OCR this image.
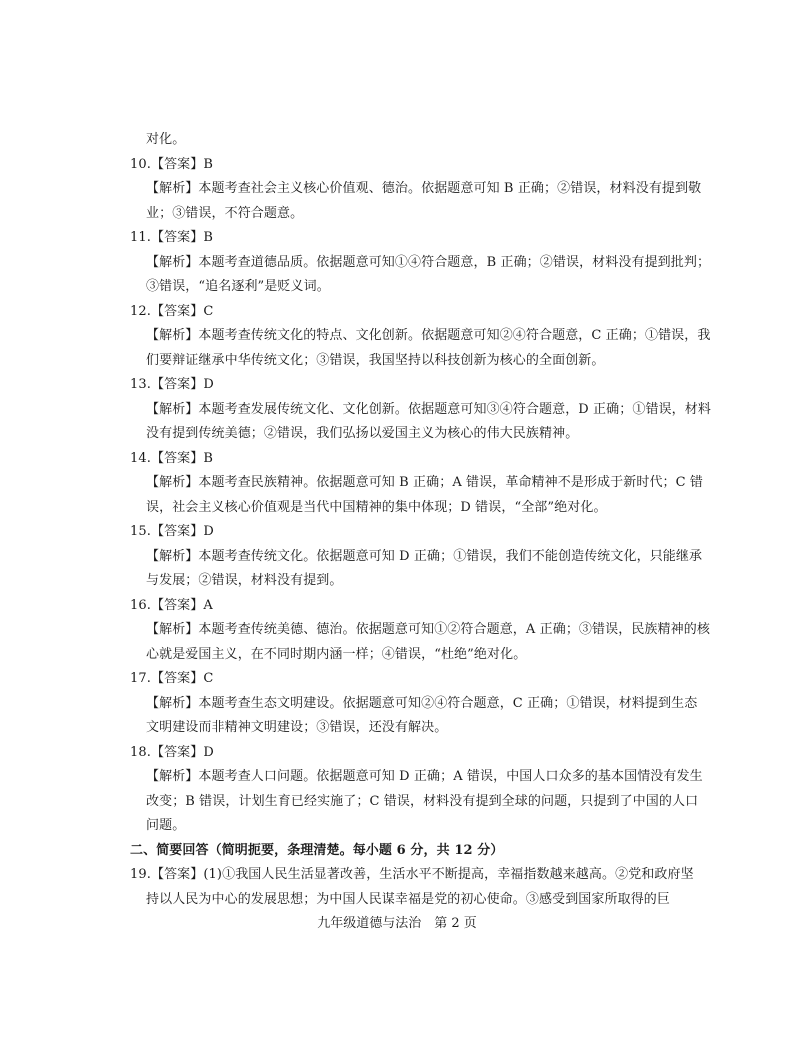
对化。
10.【答案】B
【解析】本题考查社会主义核心价值观、德治。依据题意可知 B 正确；②错误，材料没有提到敬
业；③错误，不符合题意。
11.【答案】B
【解析】本题考查道德品质。依据题意可知①④符合题意，B 正确；②错误，材料没有提到批判；
③错误，“追名逐利”是贬义词。
12.【答案】C
【解析】本题考查传统文化的特点、文化创新。依据题意可知②④符合题意，C 正确；①错误，我
们要辩证继承中华传统文化；③错误，我国坚持以科技创新为核心的全面创新。
13.【答案】D
【解析】本题考查发展传统文化、文化创新。依据题意可知③④符合题意，D 正确；①错误，材料
没有提到传统美德；②错误，我们弘扬以爱国主义为核心的伟大民族精神。
14.【答案】B
【解析】本题考查民族精神。依据题意可知 B 正确；A 错误，革命精神不是形成于新时代；C 错
误，社会主义核心价值观是当代中国精神的集中体现；D 错误，“全部”绝对化。
15.【答案】D
【解析】本题考查传统文化。依据题意可知 D 正确；①错误，我们不能创造传统文化，只能继承
与发展；②错误，材料没有提到。
16.【答案】A
【解析】本题考查传统美德、德治。依据题意可知①②符合题意，A 正确；③错误，民族精神的核
心就是爱国主义，在不同时期内涵一样；④错误，“杜绝”绝对化。
17.【答案】C
【解析】本题考查生态文明建设。依据题意可知②④符合题意，C 正确；①错误，材料提到生态
文明建设而非精神文明建设；③错误，还没有解决。
18.【答案】D
【解析】本题考查人口问题。依据题意可知 D 正确；A 错误，中国人口众多的基本国情没有发生
改变；B 错误，计划生育已经实施了；C 错误，材料没有提到全球的问题，只提到了中国的人口
问题。
二、简要回答（简明扼要，条理清楚。每小题 6 分，共 12 分）
19.【答案】(1)①我国人民生活显著改善，生活水平不断提高，幸福指数越来越高。②党和政府坚
持以人民为中心的发展思想；为中国人民谋幸福是党的初心使命。③感受到国家所取得的巨
九年级道德与法治　第 2 页
